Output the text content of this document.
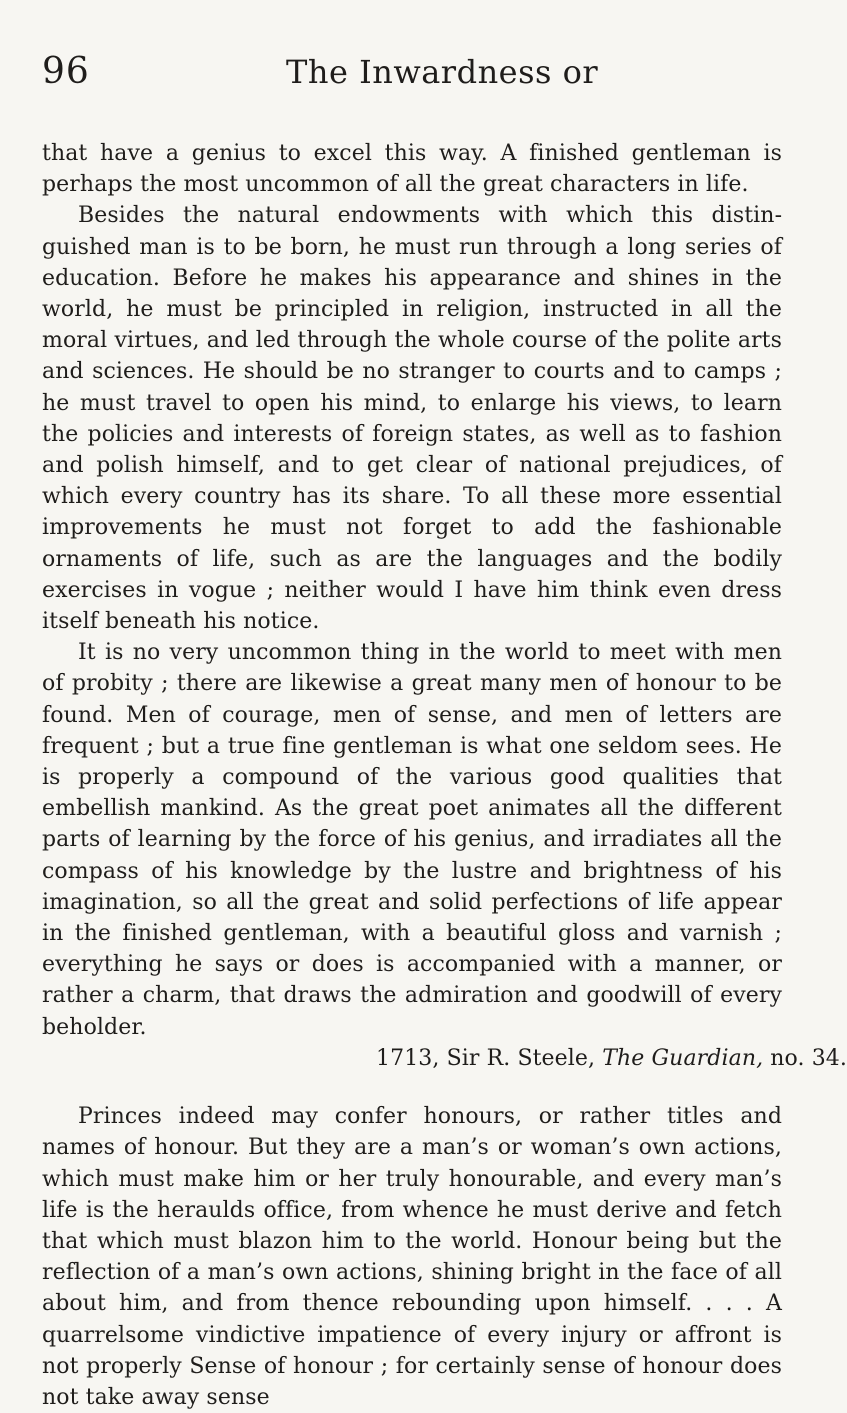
96	The Inwardness or

that have a genius to excel this way. A finished gentleman is perhaps the most uncommon of all the great characters in life.

Besides the natural endowments with which this distinguished man is to be born, he must run through a long series of education. Before he makes his appearance and shines in the world, he must be principled in religion, instructed in all the moral virtues, and led through the whole course of the polite arts and sciences. He should be no stranger to courts and to camps ; he must travel to open his mind, to enlarge his views, to learn the policies and interests of foreign states, as well as to fashion and polish himself, and to get clear of national prejudices, of which every country has its share. To all these more essential improvements he must not forget to add the fashionable ornaments of life, such as are the languages and the bodily exercises in vogue ; neither would I have him think even dress itself beneath his notice.

It is no very uncommon thing in the world to meet with men of probity ; there are likewise a great many men of honour to be found. Men of courage, men of sense, and men of letters are frequent ; but a true fine gentleman is what one seldom sees. He is properly a compound of the various good qualities that embellish mankind. As the great poet animates all the different parts of learning by the force of his genius, and irradiates all the compass of his knowledge by the lustre and brightness of his imagination, so all the great and solid perfections of life appear in the finished gentleman, with a beautiful gloss and varnish ; everything he says or does is accompanied with a manner, or rather a charm, that draws the admiration and goodwill of every beholder.

1713, Sir R. Steele, The Guardian, no. 34.

Princes indeed may confer honours, or rather titles and names of honour. But they are a man’s or woman’s own actions, which must make him or her truly honourable, and every man’s life is the heraulds office, from whence he must derive and fetch that which must blazon him to the world. Honour being but the reflection of a man’s own actions, shining bright in the face of all about him, and from thence rebounding upon himself. . . . A quarrelsome vindictive impatience of every injury or affront is not properly Sense of honour ; for certainly sense of honour does not take away sense
